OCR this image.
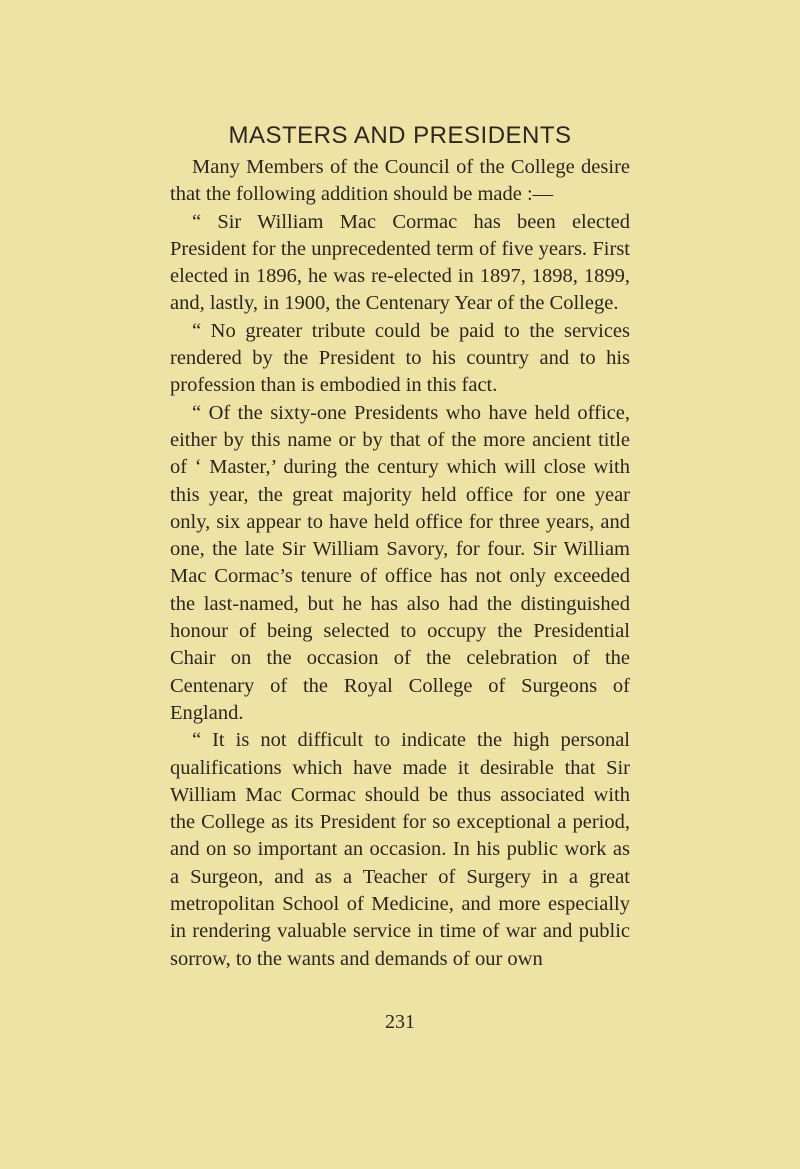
MASTERS AND PRESIDENTS

Many Members of the Council of the College desire that the following addition should be made :—

“ Sir William Mac Cormac has been elected President for the unprecedented term of five years. First elected in 1896, he was re-elected in 1897, 1898, 1899, and, lastly, in 1900, the Centenary Year of the College.

“ No greater tribute could be paid to the services rendered by the President to his country and to his profession than is embodied in this fact.

“ Of the sixty-one Presidents who have held office, either by this name or by that of the more ancient title of ‘ Master,’ during the century which will close with this year, the great majority held office for one year only, six appear to have held office for three years, and one, the late Sir William Savory, for four. Sir William Mac Cormac’s tenure of office has not only exceeded the last-named, but he has also had the distinguished honour of being selected to occupy the Presidential Chair on the occasion of the celebration of the Centenary of the Royal College of Surgeons of England.

“ It is not difficult to indicate the high personal qualifications which have made it desirable that Sir William Mac Cormac should be thus associated with the College as its President for so exceptional a period, and on so important an occasion. In his public work as a Surgeon, and as a Teacher of Surgery in a great metropolitan School of Medicine, and more especially in rendering valuable service in time of war and public sorrow, to the wants and demands of our own

231
